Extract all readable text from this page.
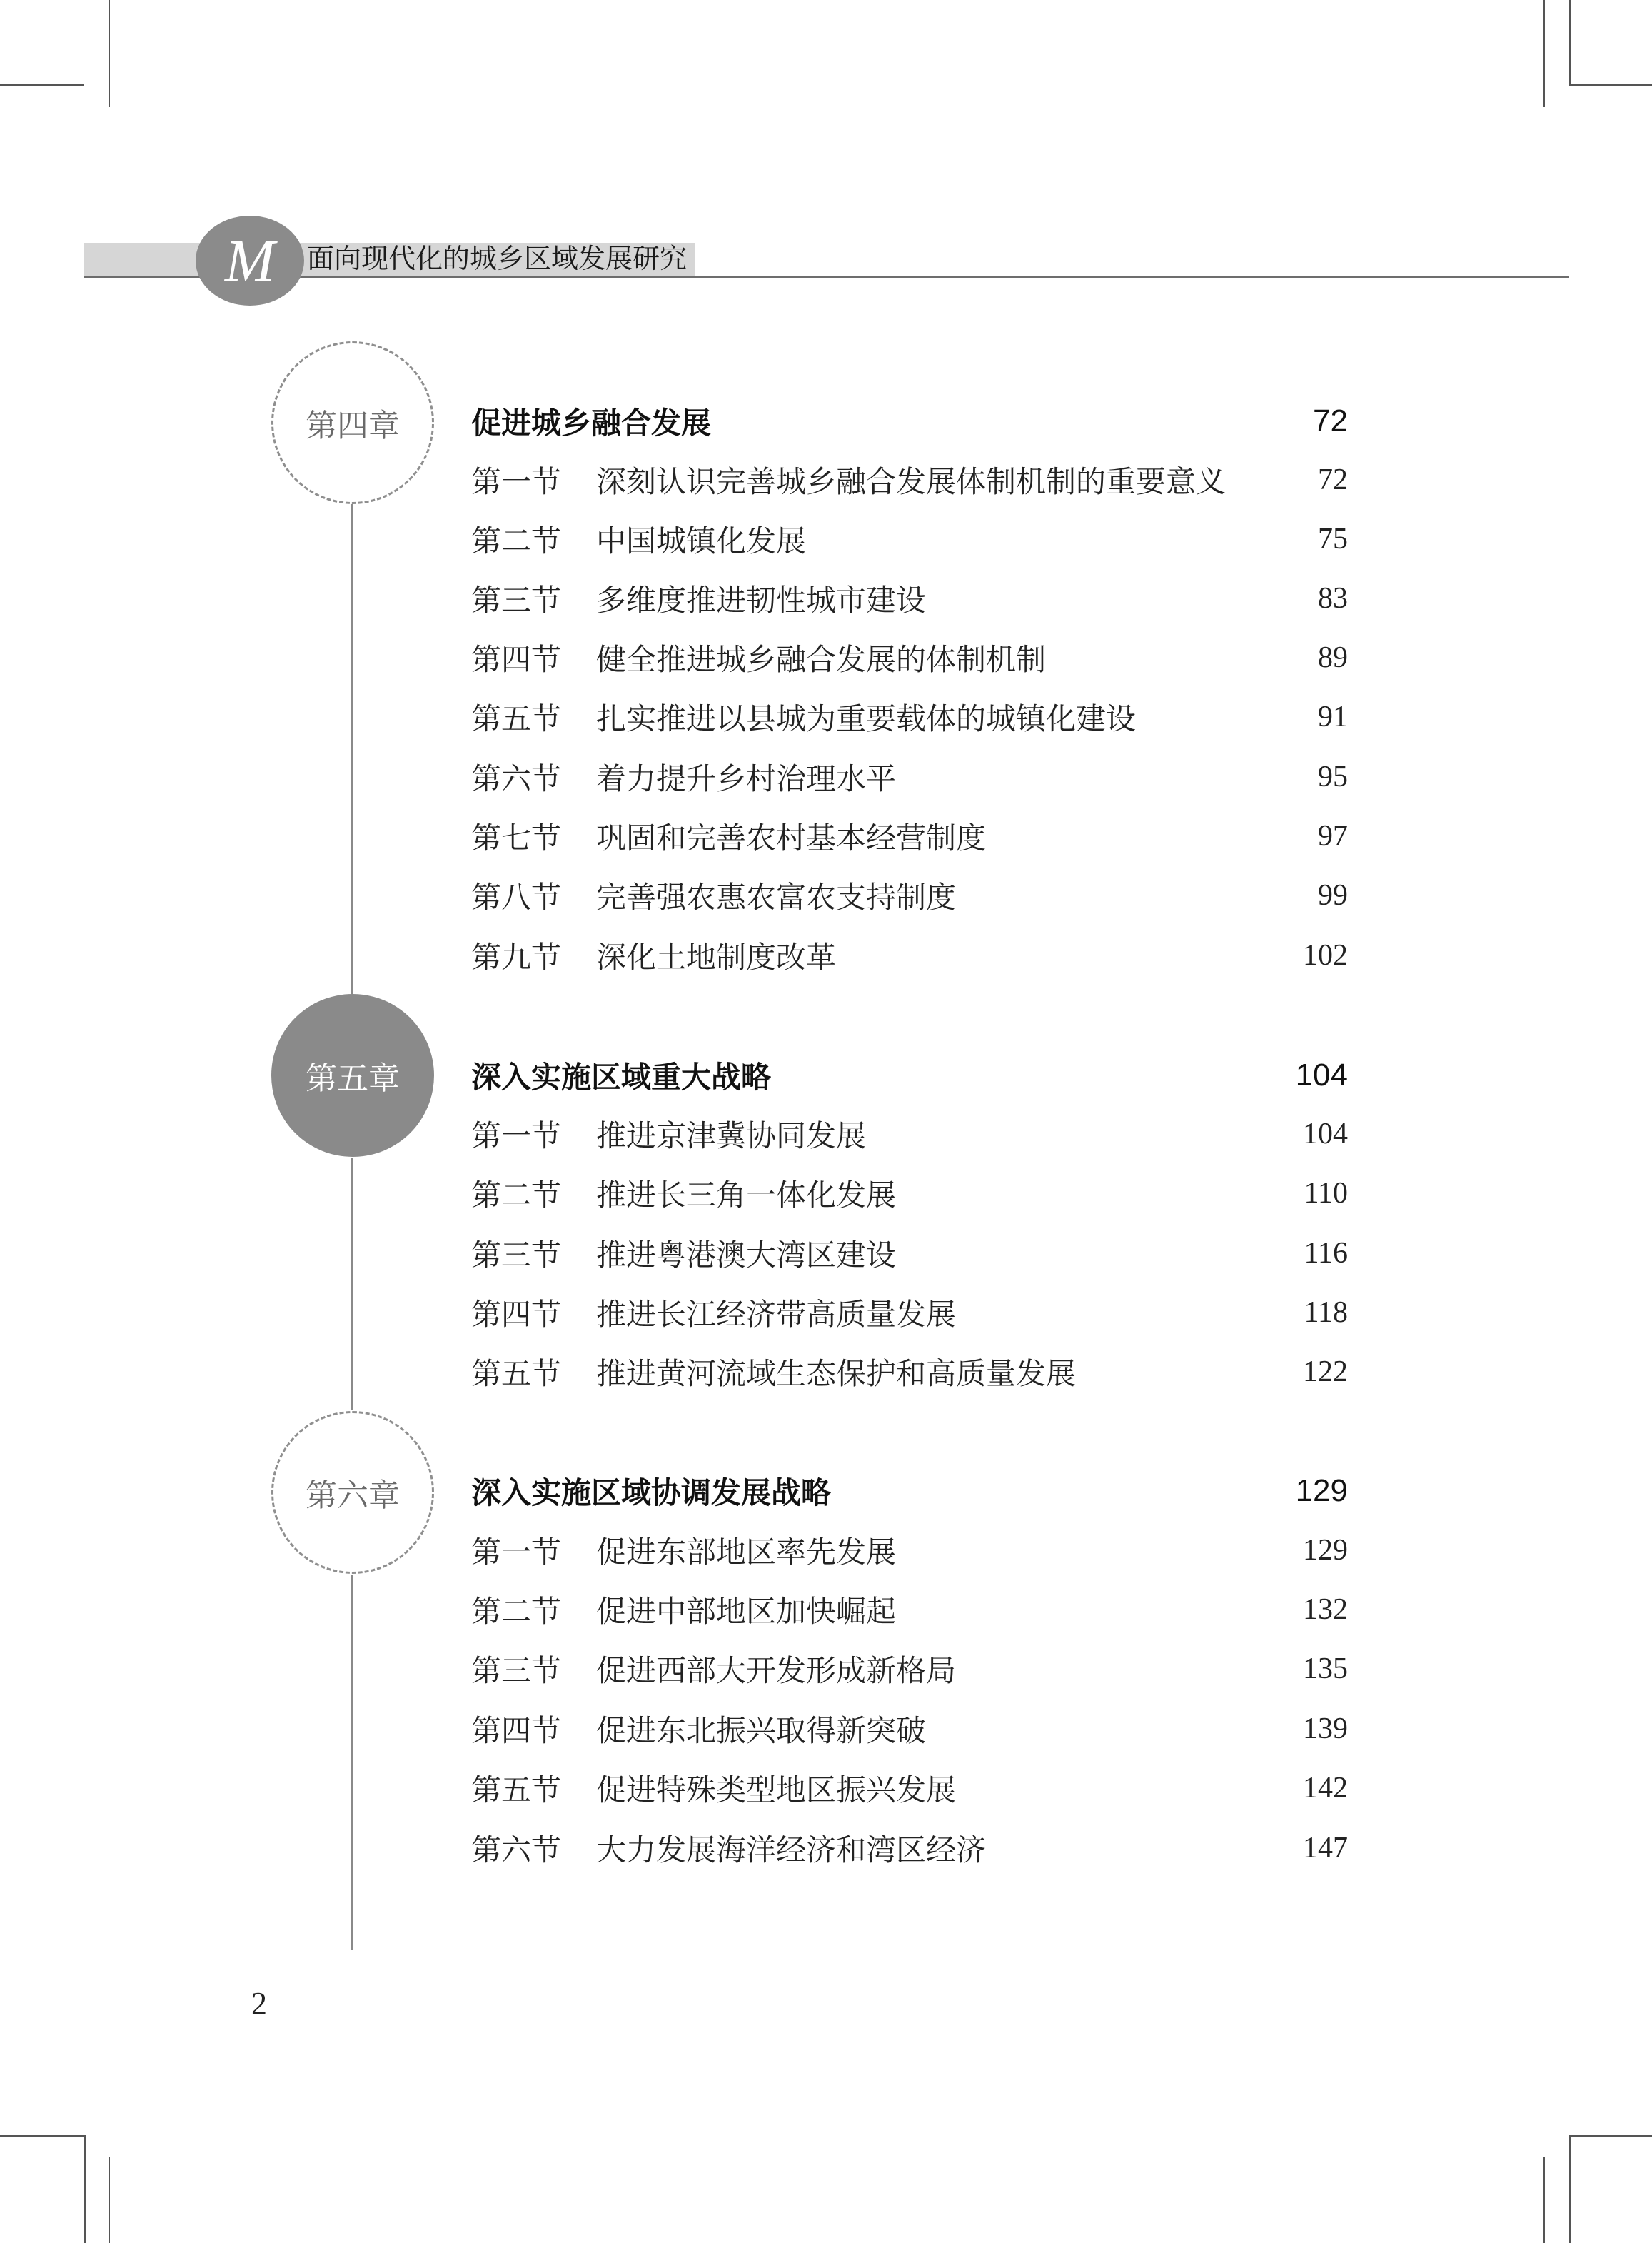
M 面向现代化的城乡区域发展研究
第四章
第五章
第六章
促进城乡融合发展	72
第一节	深刻认识完善城乡融合发展体制机制的重要意义	72
第二节	中国城镇化发展	75
第三节	多维度推进韧性城市建设	83
第四节	健全推进城乡融合发展的体制机制	89
第五节	扎实推进以县城为重要载体的城镇化建设	91
第六节	着力提升乡村治理水平	95
第七节	巩固和完善农村基本经营制度	97
第八节	完善强农惠农富农支持制度	99
第九节	深化土地制度改革	102
深入实施区域重大战略	104
第一节	推进京津冀协同发展	104
第二节	推进长三角一体化发展	110
第三节	推进粤港澳大湾区建设	116
第四节	推进长江经济带高质量发展	118
第五节	推进黄河流域生态保护和高质量发展	122
深入实施区域协调发展战略	129
第一节	促进东部地区率先发展	129
第二节	促进中部地区加快崛起	132
第三节	促进西部大开发形成新格局	135
第四节	促进东北振兴取得新突破	139
第五节	促进特殊类型地区振兴发展	142
第六节	大力发展海洋经济和湾区经济	147
2
